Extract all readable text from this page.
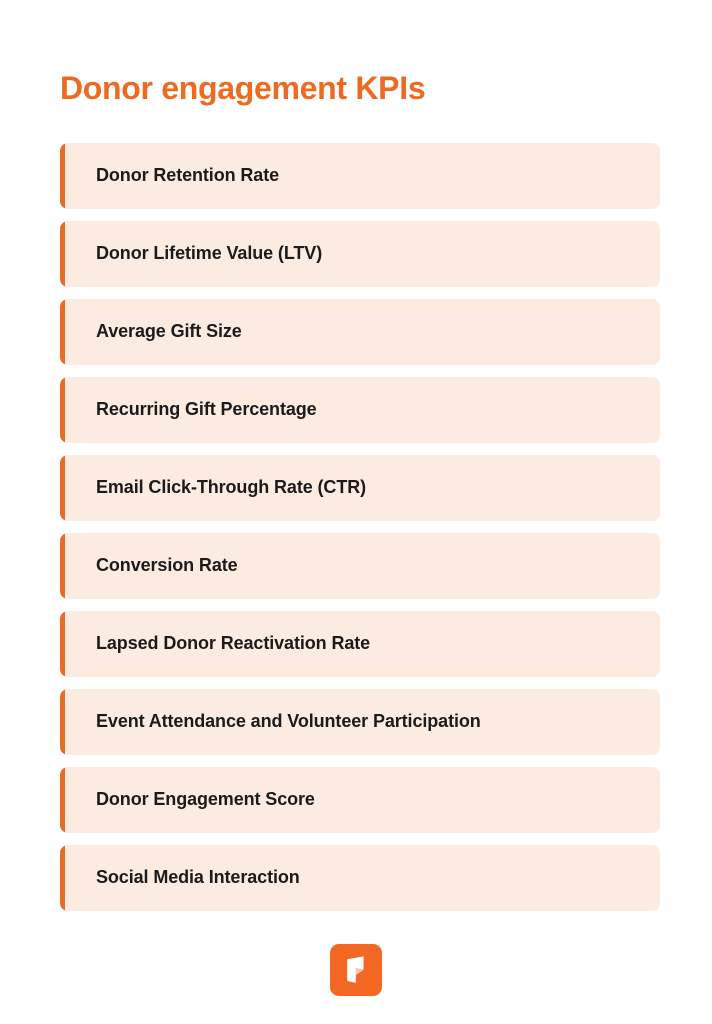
Donor engagement KPIs
Donor Retention Rate
Donor Lifetime Value (LTV)
Average Gift Size
Recurring Gift Percentage
Email Click-Through Rate (CTR)
Conversion Rate
Lapsed Donor Reactivation Rate
Event Attendance and Volunteer Participation
Donor Engagement Score
Social Media Interaction
